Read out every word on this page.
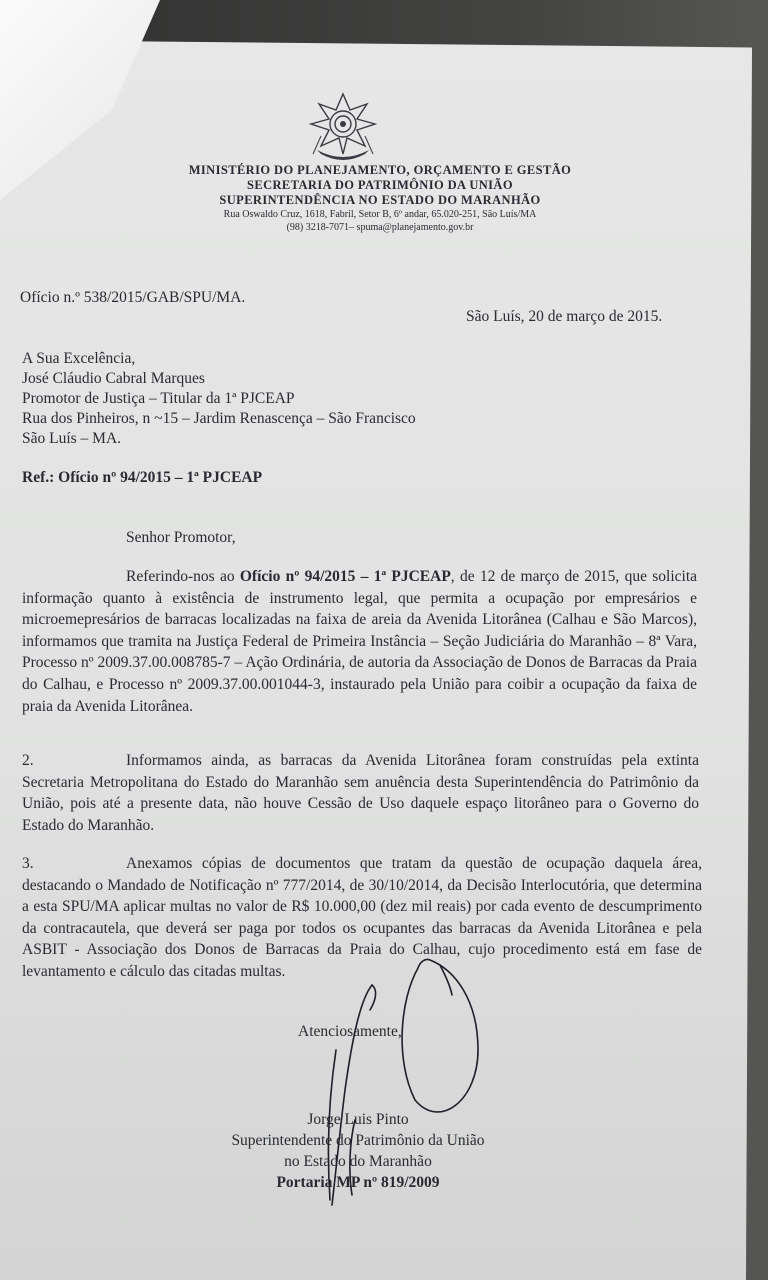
MINISTÉRIO DO PLANEJAMENTO, ORÇAMENTO E GESTÃO
SECRETARIA DO PATRIMÔNIO DA UNIÃO
SUPERINTENDÊNCIA NO ESTADO DO MARANHÃO
Rua Oswaldo Cruz, 1618, Fabril, Setor B, 6º andar, 65.020-251, São Luís/MA
(98) 3218-7071– spuma@planejamento.gov.br
Ofício n.º 538/2015/GAB/SPU/MA.
São Luís, 20 de março de 2015.
A Sua Excelência,
José Cláudio Cabral Marques
Promotor de Justiça – Titular da 1ª PJCEAP
Rua dos Pinheiros, n ~15 – Jardim Renascença – São Francisco
São Luís – MA.
Ref.: Ofício nº 94/2015 – 1ª PJCEAP
Senhor Promotor,
Referindo-nos ao Ofício nº 94/2015 – 1ª PJCEAP, de 12 de março de 2015, que solicita informação quanto à existência de instrumento legal, que permita a ocupação por empresários e microemepresários de barracas localizadas na faixa de areia da Avenida Litorânea (Calhau e São Marcos), informamos que tramita na Justiça Federal de Primeira Instância – Seção Judiciária do Maranhão – 8ª Vara, Processo nº 2009.37.00.008785-7 – Ação Ordinária, de autoria da Associação de Donos de Barracas da Praia do Calhau, e Processo nº 2009.37.00.001044-3, instaurado pela União para coibir a ocupação da faixa de praia da Avenida Litorânea.
2.	Informamos ainda, as barracas da Avenida Litorânea foram construídas pela extinta Secretaria Metropolitana do Estado do Maranhão sem anuência desta Superintendência do Patrimônio da União, pois até a presente data, não houve Cessão de Uso daquele espaço litorâneo para o Governo do Estado do Maranhão.
3.	Anexamos cópias de documentos que tratam da questão de ocupação daquela área, destacando o Mandado de Notificação nº 777/2014, de 30/10/2014, da Decisão Interlocutória, que determina a esta SPU/MA aplicar multas no valor de R$ 10.000,00 (dez mil reais) por cada evento de descumprimento da contracautela, que deverá ser paga por todos os ocupantes das barracas da Avenida Litorânea e pela ASBIT - Associação dos Donos de Barracas da Praia do Calhau, cujo procedimento está em fase de levantamento e cálculo das citadas multas.
Atenciosamente,
Jorge Luis Pinto
Superintendente do Patrimônio da União
no Estado do Maranhão
Portaria MP nº 819/2009
